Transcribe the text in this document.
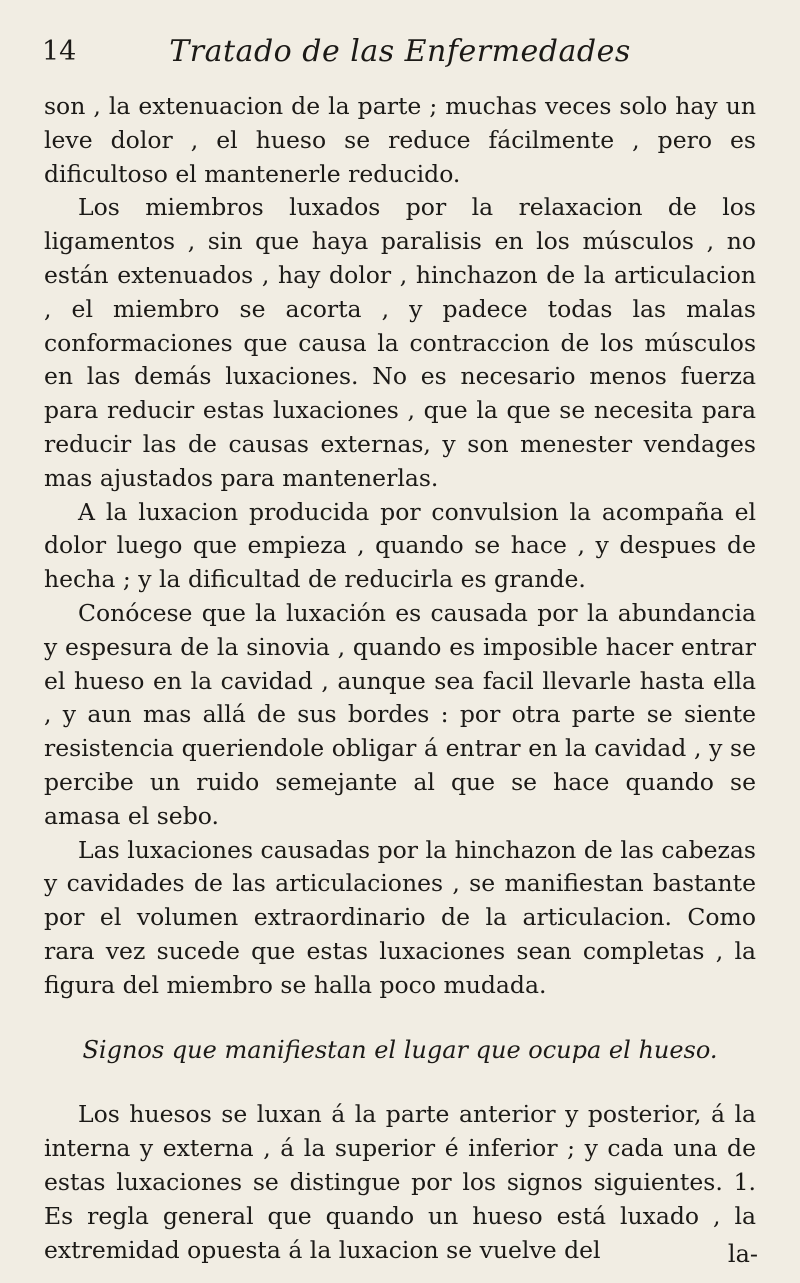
14	Tratado de las Enfermedades

son , la extenuacion de la parte ; muchas veces solo hay un leve dolor , el hueso se reduce fácilmente , pero es dificultoso el mantenerle reducido.

Los miembros luxados por la relaxacion de los ligamentos , sin que haya paralisis en los músculos , no están extenuados , hay dolor , hinchazon de la articulacion , el miembro se acorta , y padece todas las malas conformaciones que causa la contraccion de los músculos en las demás luxaciones. No es necesario menos fuerza para reducir estas luxaciones , que la que se necesita para reducir las de causas externas, y son menester vendages mas ajustados para mantenerlas.

A la luxacion producida por convulsion la acompaña el dolor luego que empieza , quando se hace , y despues de hecha ; y la dificultad de reducirla es grande.

Conócese que la luxación es causada por la abundancia y espesura de la sinovia , quando es imposible hacer entrar el hueso en la cavidad , aunque sea facil llevarle hasta ella , y aun mas allá de sus bordes : por otra parte se siente resistencia queriendole obligar á entrar en la cavidad , y se percibe un ruido semejante al que se hace quando se amasa el sebo.

Las luxaciones causadas por la hinchazon de las cabezas y cavidades de las articulaciones , se manifiestan bastante por el volumen extraordinario de la articulacion. Como rara vez sucede que estas luxaciones sean completas , la figura del miembro se halla poco mudada.

Signos que manifiestan el lugar que ocupa el hueso.

Los huesos se luxan á la parte anterior y posterior, á la interna y externa , á la superior é inferior ; y cada una de estas luxaciones se distingue por los signos siguientes. 1. Es regla general que quando un hueso está luxado , la extremidad opuesta á la luxacion se vuelve del	la-
